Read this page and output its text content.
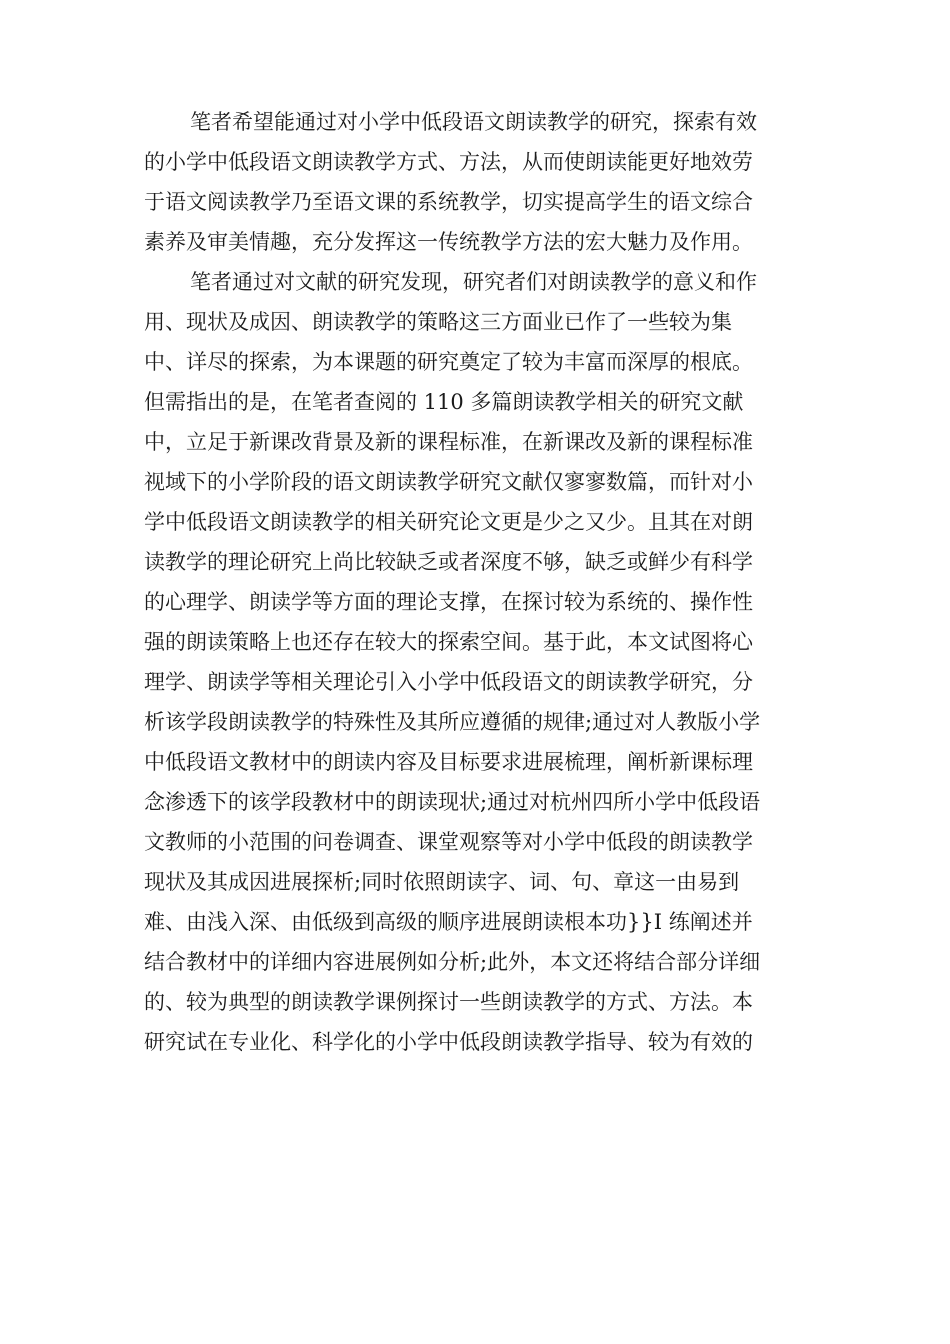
笔者希望能通过对小学中低段语文朗读教学的研究，探索有效
的小学中低段语文朗读教学方式、方法，从而使朗读能更好地效劳
于语文阅读教学乃至语文课的系统教学，切实提高学生的语文综合
素养及审美情趣，充分发挥这一传统教学方法的宏大魅力及作用。
笔者通过对文献的研究发现，研究者们对朗读教学的意义和作
用、现状及成因、朗读教学的策略这三方面业已作了一些较为集
中、详尽的探索，为本课题的研究奠定了较为丰富而深厚的根底。
但需指出的是，在笔者查阅的 110 多篇朗读教学相关的研究文献
中，立足于新课改背景及新的课程标准，在新课改及新的课程标准
视域下的小学阶段的语文朗读教学研究文献仅寥寥数篇，而针对小
学中低段语文朗读教学的相关研究论文更是少之又少。且其在对朗
读教学的理论研究上尚比较缺乏或者深度不够，缺乏或鲜少有科学
的心理学、朗读学等方面的理论支撑，在探讨较为系统的、操作性
强的朗读策略上也还存在较大的探索空间。基于此，本文试图将心
理学、朗读学等相关理论引入小学中低段语文的朗读教学研究，分
析该学段朗读教学的特殊性及其所应遵循的规律;通过对人教版小学
中低段语文教材中的朗读内容及目标要求进展梳理，阐析新课标理
念渗透下的该学段教材中的朗读现状;通过对杭州四所小学中低段语
文教师的小范围的问卷调查、课堂观察等对小学中低段的朗读教学
现状及其成因进展探析;同时依照朗读字、词、句、章这一由易到
难、由浅入深、由低级到高级的顺序进展朗读根本功}}I 练阐述并
结合教材中的详细内容进展例如分析;此外，本文还将结合部分详细
的、较为典型的朗读教学课例探讨一些朗读教学的方式、方法。本
研究试在专业化、科学化的小学中低段朗读教学指导、较为有效的
